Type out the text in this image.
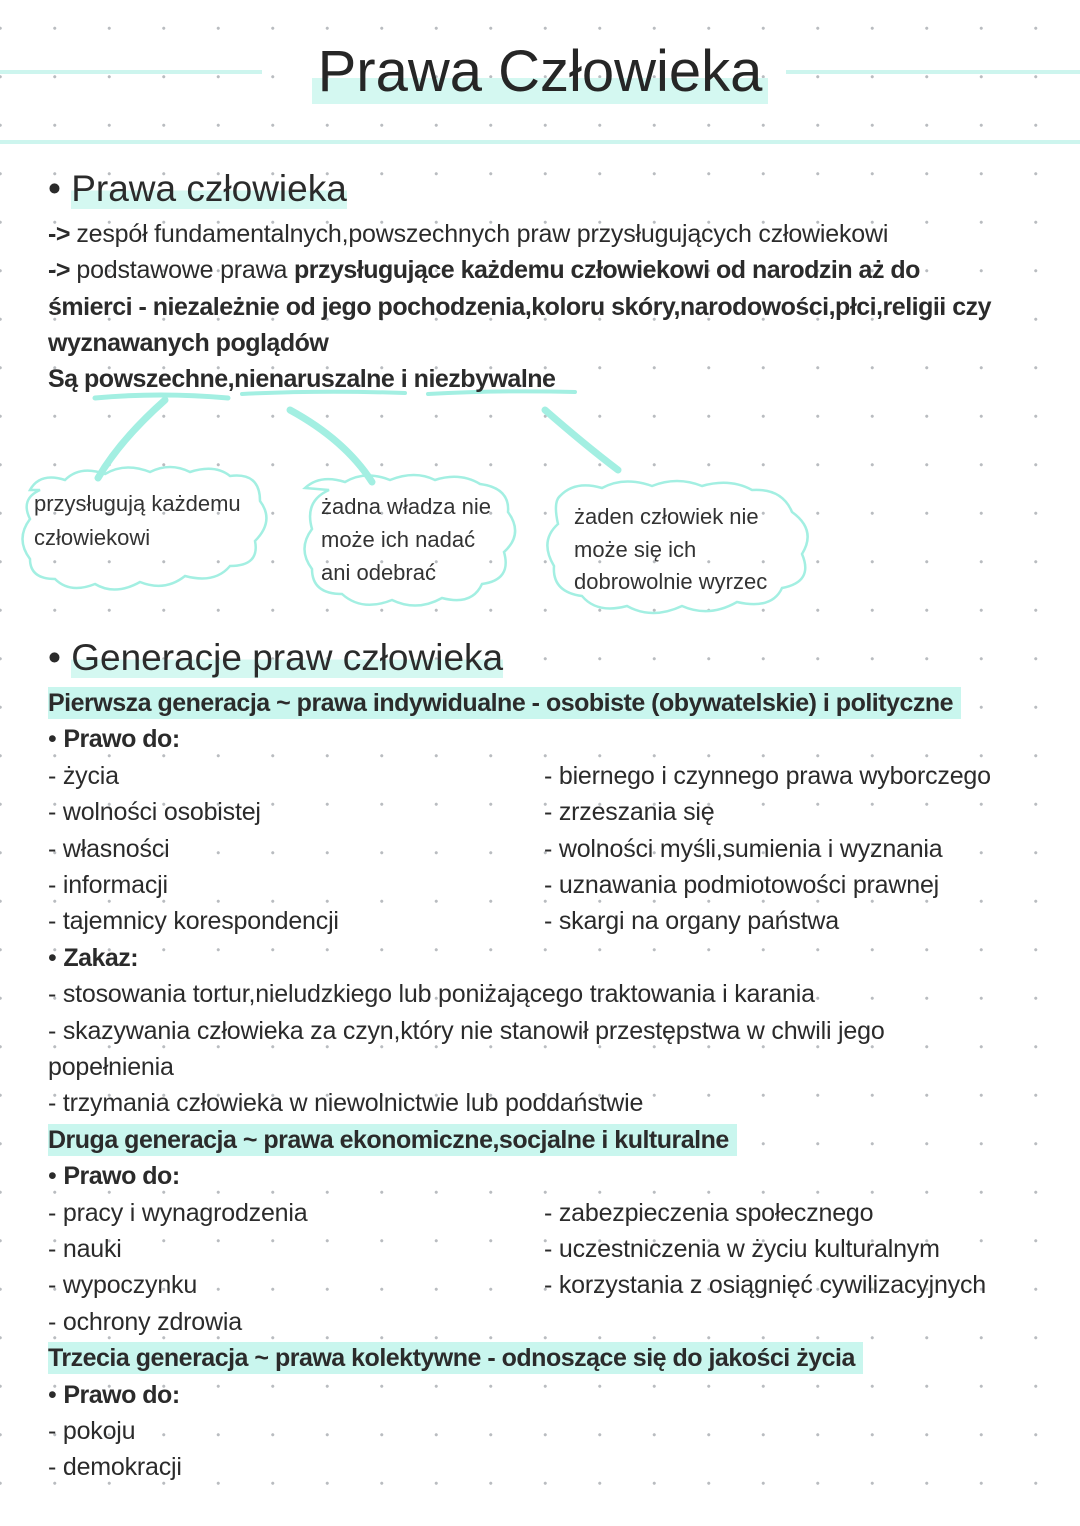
Prawa Człowieka
• Prawa człowieka
-> zespół fundamentalnych,powszechnych praw przysługujących człowiekowi
-> podstawowe prawa przysługujące każdemu człowiekowi od narodzin aż do
śmierci - niezależnie od jego pochodzenia,koloru skóry,narodowości,płci,religii czy
wyznawanych poglądów
Są powszechne,nienaruszalne i niezbywalne
przysługują każdemu
człowiekowi
żadna władza nie
może ich nadać
ani odebrać
żaden człowiek nie
może się ich
dobrowolnie wyrzec
• Generacje praw człowieka
Pierwsza generacja ~ prawa indywidualne - osobiste (obywatelskie) i polityczne
• Prawo do:
- życia
- wolności osobistej
- własności
- informacji
- tajemnicy korespondencji
- biernego i czynnego prawa wyborczego
- zrzeszania się
- wolności myśli,sumienia i wyznania
- uznawania podmiotowości prawnej
- skargi na organy państwa
• Zakaz:
- stosowania tortur,nieludzkiego lub poniżającego traktowania i karania
- skazywania człowieka za czyn,który nie stanowił przestępstwa w chwili jego
popełnienia
- trzymania człowieka w niewolnictwie lub poddaństwie
Druga generacja ~ prawa ekonomiczne,socjalne i kulturalne
• Prawo do:
- pracy i wynagrodzenia
- nauki
- wypoczynku
- ochrony zdrowia
- zabezpieczenia społecznego
- uczestniczenia w życiu kulturalnym
- korzystania z osiągnięć cywilizacyjnych
Trzecia generacja ~ prawa kolektywne - odnoszące się do jakości życia
• Prawo do:
- pokoju
- demokracji
